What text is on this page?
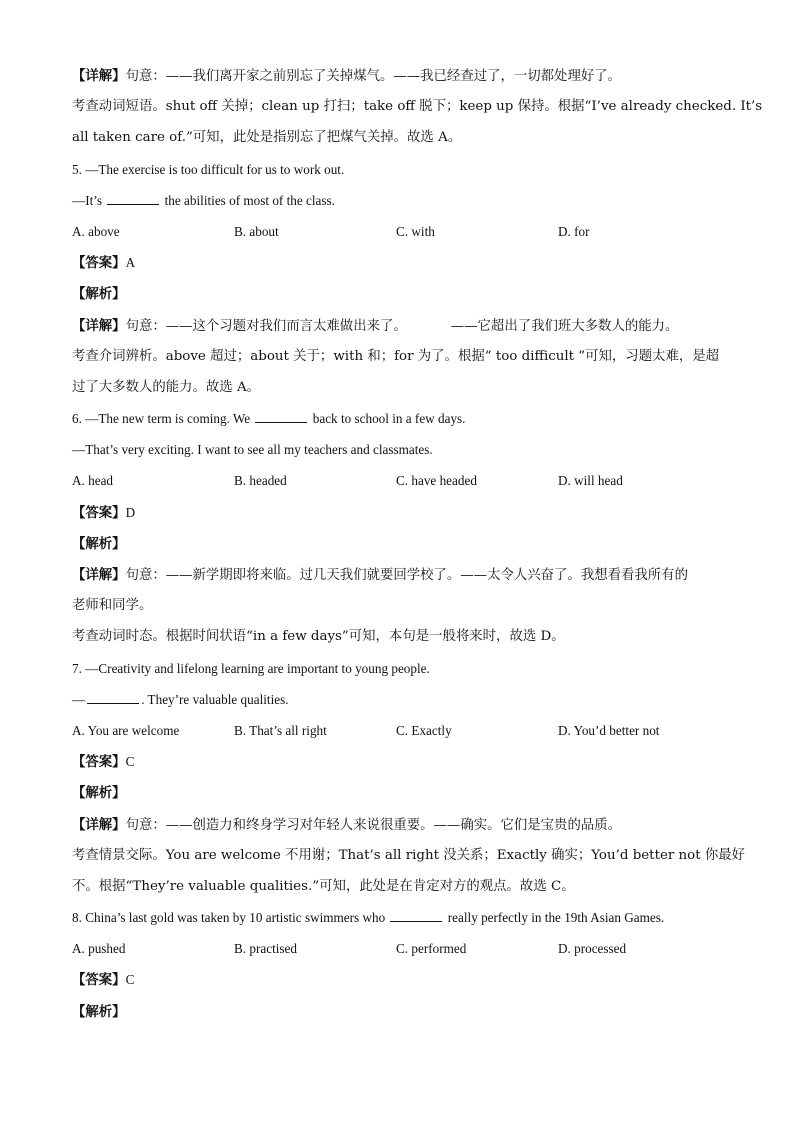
【详解】句意：——我们离开家之前别忘了关掉煤气。——我已经查过了，一切都处理好了。
考查动词短语。shut off 关掉；clean up 打扫；take off 脱下；keep up 保持。根据“I’ve already checked. It’s
all taken care of.”可知，此处是指别忘了把煤气关掉。故选 A。
5. —The exercise is too difficult for us to work out.
—It’s	the abilities of most of the class.
A. above	B. about	C. with	D. for
【答案】A
【解析】
【详解】句意：——这个习题对我们而言太难做出来了。	——它超出了我们班大多数人的能力。
考查介词辨析。above 超过；about 关于；with 和；for 为了。根据“ too difficult ”可知，习题太难，是超
过了大多数人的能力。故选 A。
6. —The new term is coming. We	back to school in a few days.
—That’s very exciting. I want to see all my teachers and classmates.
A. head	B. headed	C. have headed	D. will head
【答案】D
【解析】
【详解】句意：——新学期即将来临。过几天我们就要回学校了。——太令人兴奋了。我想看看我所有的
老师和同学。
考查动词时态。根据时间状语“in a few days”可知，本句是一般将来时，故选 D。
7. —Creativity and lifelong learning are important to young people.
—	. They’re valuable qualities.
A. You are welcome	B. That’s all right	C. Exactly	D. You’d better not
【答案】C
【解析】
【详解】句意：——创造力和终身学习对年轻人来说很重要。——确实。它们是宝贵的品质。
考查情景交际。You are welcome 不用谢；That’s all right 没关系；Exactly 确实；You’d better not 你最好
不。根据“They’re valuable qualities.”可知，此处是在肯定对方的观点。故选 C。
8. China’s last gold was taken by 10 artistic swimmers who	really perfectly in the 19th Asian Games.
A. pushed	B. practised	C. performed	D. processed
【答案】C
【解析】
